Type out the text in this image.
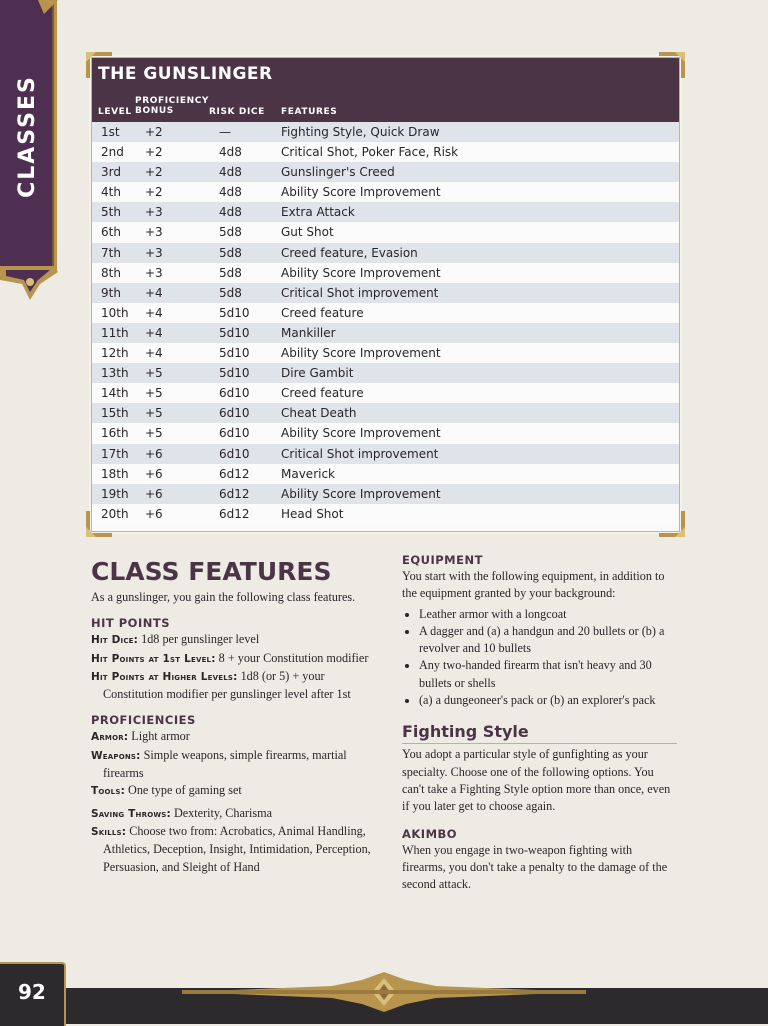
CLASSES
THE GUNSLINGER
LEVEL
PROFICIENCY
BONUS	RISK DICE FEATURES
1st +2	—	Fighting Style, Quick Draw
2nd +2	4d8	Critical Shot, Poker Face, Risk
3rd +2	4d8	Gunslinger's Creed
4th +2	4d8	Ability Score Improvement
5th +3	4d8	Extra Attack
6th +3	5d8	Gut Shot
7th +3	5d8	Creed feature, Evasion
8th +3	5d8	Ability Score Improvement
9th +4	5d8	Critical Shot improvement
10th +4	5d10	Creed feature
11th +4	5d10	Mankiller
12th +4	5d10	Ability Score Improvement
13th +5	5d10	Dire Gambit
14th +5	6d10	Creed feature
15th +5	6d10	Cheat Death
16th +5	6d10	Ability Score Improvement
17th +6	6d10	Critical Shot improvement
18th +6	6d12	Maverick
19th +6	6d12	Ability Score Improvement
20th +6	6d12	Head Shot
CLASS FEATURES

As a gunslinger, you gain the following class features.

HIT POINTS

Hit Dice: 1d8 per gunslinger level

Hit Points at 1st Level: 8 + your Constitution modifier

Hit Points at Higher Levels: 1d8 (or 5) + your Constitution modifier per gunslinger level after 1st

PROFICIENCIES

Armor: Light armor

Weapons: Simple weapons, simple firearms, martial firearms

Tools: One type of gaming set

Saving Throws: Dexterity, Charisma

Skills: Choose two from: Acrobatics, Animal Handling, Athletics, Deception, Insight, Intimidation, Perception, Persuasion, and Sleight of Hand

EQUIPMENT

You start with the following equipment, in addition to the equipment granted by your background:

• Leather armor with a longcoat
• A dagger and (a) a handgun and 20 bullets or (b) a revolver and 10 bullets
• Any two-handed firearm that isn't heavy and 30 bullets or shells
• (a) a dungeoneer's pack or (b) an explorer's pack
Fighting Style

You adopt a particular style of gunfighting as your specialty. Choose one of the following options. You can't take a Fighting Style option more than once, even if you later get to choose again.

AKIMBO

When you engage in two-weapon fighting with firearms, you don't take a penalty to the damage of the second attack.

92
